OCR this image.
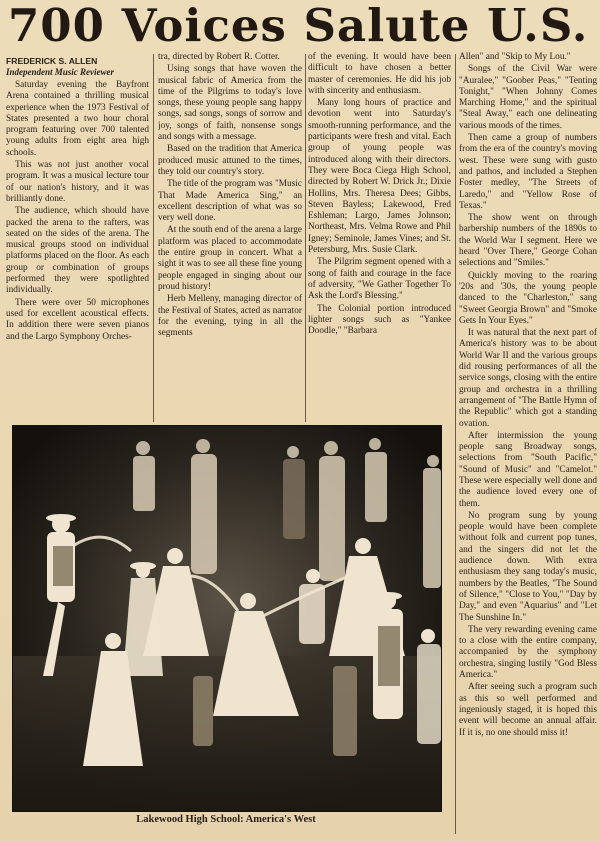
700 Voices Salute U.S.
FREDERICK S. ALLEN
Independent Music Reviewer

Saturday evening the Bayfront Arena contained a thrilling musical experience when the 1973 Festival of States presented a two hour choral program featuring over 700 talented young adults from eight area high schools.

This was not just another vocal program. It was a musical lecture tour of our nation's history, and it was brilliantly done.

The audience, which should have packed the arena to the rafters, was seated on the sides of the arena. The musical groups stood on individual platforms placed on the floor. As each group or combination of groups performed they were spotlighted individually.

There were over 50 microphones used for excellent acoustical effects. In addition there were seven pianos and the Largo Symphony Orches-

tra, directed by Robert R. Cotter.

Using songs that have woven the musical fabric of America from the time of the Pilgrims to today's love songs, these young people sang happy songs, sad songs, songs of sorrow and joy, songs of faith, nonsense songs and songs with a message.

Based on the tradition that America produced music attuned to the times, they told our country's story.

The title of the program was "Music That Made America Sing," an excellent description of what was so very well done.

At the south end of the arena a large platform was placed to accommodate the entire group in concert. What a sight it was to see all these fine young people engaged in singing about our proud history!

Herb Melleny, managing director of the Festival of States, acted as narrator for the evening, tying in all the segments

of the evening. It would have been difficult to have chosen a better master of ceremonies. He did his job with sincerity and enthusiasm.

Many long hours of practice and devotion went into Saturday's smooth-running performance, and the participants were fresh and vital. Each group of young people was introduced along with their directors. They were Boca Ciega High School, directed by Robert W. Drick Jr.; Dixie Hollins, Mrs. Theresa Dees; Gibbs, Steven Bayless; Lakewood, Fred Eshleman; Largo, James Johnson; Northeast, Mrs. Velma Rowe and Phil Igney; Seminole, James Vines; and St. Petersburg, Mrs. Susie Clark.

The Pilgrim segment opened with a song of faith and courage in the face of adversity, "We Gather Together To Ask the Lord's Blessing."

The Colonial portion introduced lighter songs such as "Yankee Doodle," "Barbara

Allen" and "Skip to My Lou."

Songs of the Civil War were "Auralee," "Goober Peas," "Tenting Tonight," "When Johnny Comes Marching Home," and the spiritual "Steal Away," each one delineating various moods of the times.

Then came a group of numbers from the era of the country's moving west. These were sung with gusto and pathos, and included a Stephen Foster medley, "The Streets of Laredo," and "Yellow Rose of Texas."

The show went on through barbership numbers of the 1890s to the World War I segment. Here we heard "Over There," George Cohan selections and "Smiles."

Quickly moving to the roaring '20s and '30s, the young people danced to the "Charleston," sang "Sweet Georgia Brown" and "Smoke Gets In Your Eyes."

It was natural that the next part of America's history was to be about World War II and the various groups did rousing performances of all the service songs, closing with the entire group and orchestra in a thrilling arrangement of "The Battle Hymn of the Republic" which got a standing ovation.

After intermission the young people sang Broadway songs, selections from "South Pacific," "Sound of Music" and "Camelot." These were especially well done and the audience loved every one of them.

No program sung by young people would have been complete without folk and current pop tunes, and the singers did not let the audience down. With extra enthusiasm they sang today's music, numbers by the Beatles, "The Sound of Silence," "Close to You," "Day by Day," and even "Aquarius" and "Let The Sunshine In."

The very rewarding evening came to a close with the entire company, accompanied by the symphony orchestra, singing lustily "God Bless America."

After seeing such a program such as this so well performed and ingeniously staged, it is hoped this event will become an annual affair. If it is, no one should miss it!

Lakewood High School: America's West
